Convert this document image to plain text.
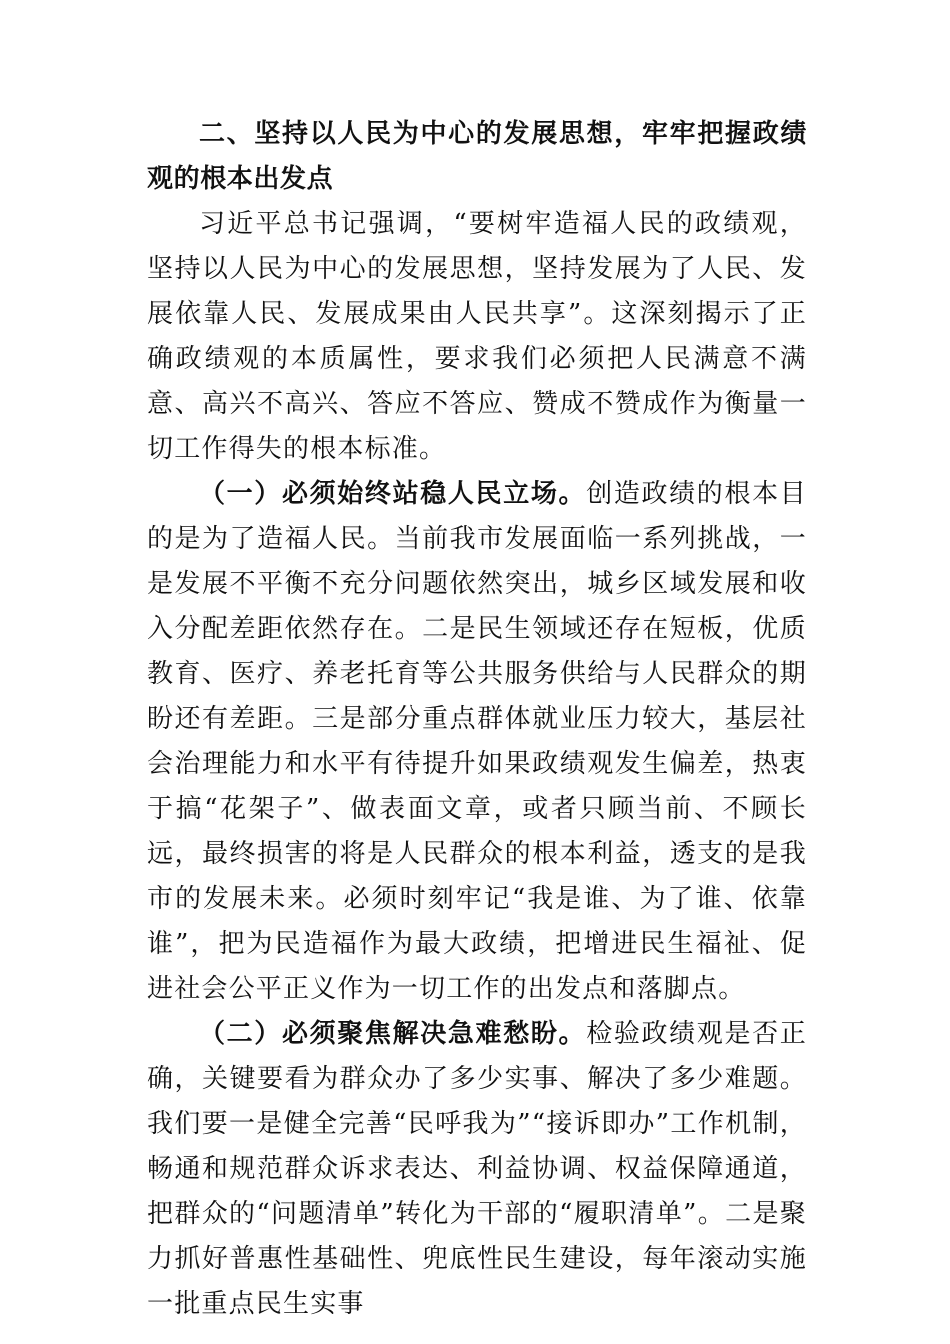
二、坚持以人民为中心的发展思想，牢牢把握政绩观的根本出发点

习近平总书记强调，“要树牢造福人民的政绩观，坚持以人民为中心的发展思想，坚持发展为了人民、发展依靠人民、发展成果由人民共享”。这深刻揭示了正确政绩观的本质属性，要求我们必须把人民满意不满意、高兴不高兴、答应不答应、赞成不赞成作为衡量一切工作得失的根本标准。

（一）必须始终站稳人民立场。创造政绩的根本目的是为了造福人民。当前我市发展面临一系列挑战，一是发展不平衡不充分问题依然突出，城乡区域发展和收入分配差距依然存在。二是民生领域还存在短板，优质教育、医疗、养老托育等公共服务供给与人民群众的期盼还有差距。三是部分重点群体就业压力较大，基层社会治理能力和水平有待提升如果政绩观发生偏差，热衷于搞“花架子”、做表面文章，或者只顾当前、不顾长远，最终损害的将是人民群众的根本利益，透支的是我市的发展未来。必须时刻牢记“我是谁、为了谁、依靠谁”，把为民造福作为最大政绩，把增进民生福祉、促进社会公平正义作为一切工作的出发点和落脚点。

（二）必须聚焦解决急难愁盼。检验政绩观是否正确，关键要看为群众办了多少实事、解决了多少难题。我们要一是健全完善“民呼我为”“接诉即办”工作机制，畅通和规范群众诉求表达、利益协调、权益保障通道，把群众的“问题清单”转化为干部的“履职清单”。二是聚力抓好普惠性基础性、兜底性民生建设，每年滚动实施一批重点民生实事
